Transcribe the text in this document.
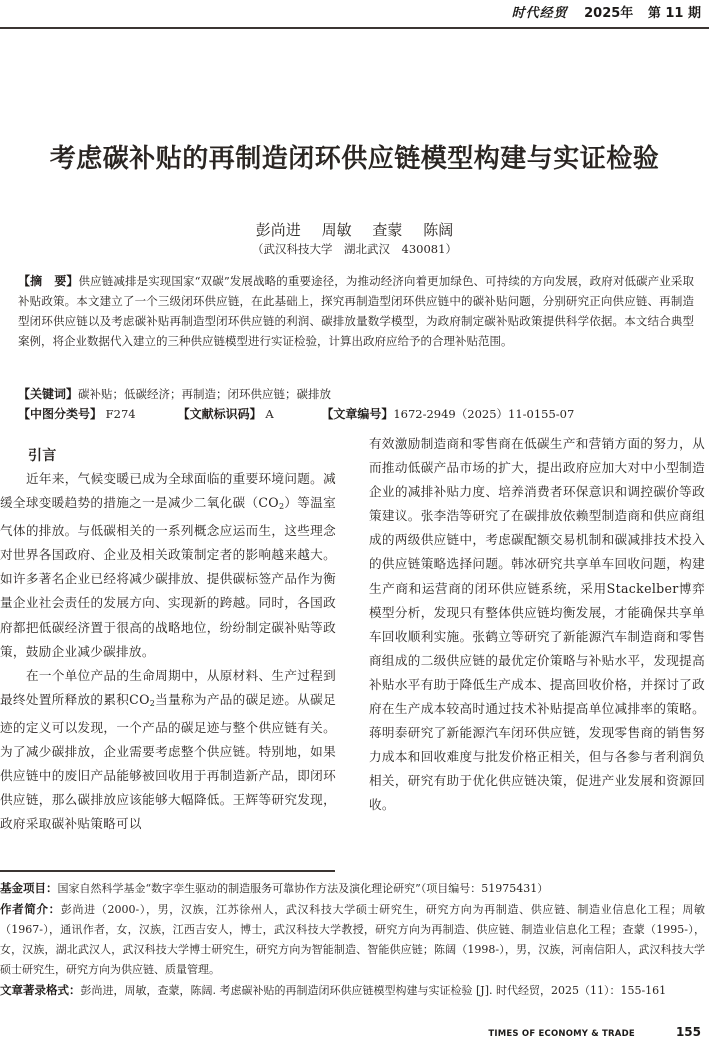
时代经贸 2025年 第 11 期
考虑碳补贴的再制造闭环供应链模型构建与实证检验
彭尚进 周敏 查蒙 陈阔
（武汉科技大学　湖北武汉　430081）
【摘　要】供应链减排是实现国家“双碳”发展战略的重要途径，为推动经济向着更加绿色、可持续的方向发展，政府对低碳产业采取补贴政策。本文建立了一个三级闭环供应链，在此基础上，探究再制造型闭环供应链中的碳补贴问题，分别研究正向供应链、再制造型闭环供应链以及考虑碳补贴再制造型闭环供应链的利润、碳排放量数学模型，为政府制定碳补贴政策提供科学依据。本文结合典型案例，将企业数据代入建立的三种供应链模型进行实证检验，计算出政府应给予的合理补贴范围。
【关键词】碳补贴；低碳经济；再制造；闭环供应链；碳排放
【中图分类号】 F274	【文献标识码】 A	【文章编号】1672-2949（2025）11-0155-07
引言

近年来，气候变暖已成为全球面临的重要环境问题。减缓全球变暖趋势的措施之一是减少二氧化碳$(CO_2)$等温室气体的排放。与低碳相关的一系列概念应运而生，这些理念对世界各国政府、企业及相关政策制定者的影响越来越大。如许多著名企业已经将减少碳排放、提供碳标签产品作为衡量企业社会责任的发展方向、实现新的跨越。同时，各国政府都把低碳经济置于很高的战略地位，纷纷制定碳补贴等政策，鼓励企业减少碳排放。

在一个单位产品的生命周期中，从原材料、生产过程到最终处置所释放的累积$CO_2$当量称为产品的碳足迹。从碳足迹的定义可以发现，一个产品的碳足迹与整个供应链有关。为了减少碳排放，企业需要考虑整个供应链。特别地，如果供应链中的废旧产品能够被回收用于再制造新产品，即闭环供应链，那么碳排放应该能够大幅降低。王辉等研究发现，政府采取碳补贴策略可以

有效激励制造商和零售商在低碳生产和营销方面的努力，从而推动低碳产品市场的扩大，提出政府应加大对中小型制造企业的减排补贴力度、培养消费者环保意识和调控碳价等政策建议。张李浩等研究了在碳排放依赖型制造商和供应商组成的两级供应链中，考虑碳配额交易机制和碳减排技术投入的供应链策略选择问题。韩冰研究共享单车回收问题，构建生产商和运营商的闭环供应链系统，采用Stackelber博弈模型分析，发现只有整体供应链均衡发展，才能确保共享单车回收顺利实施。张鹤立等研究了新能源汽车制造商和零售商组成的二级供应链的最优定价策略与补贴水平，发现提高补贴水平有助于降低生产成本、提高回收价格，并探讨了政府在生产成本较高时通过技术补贴提高单位减排率的策略。蒋明泰研究了新能源汽车闭环供应链，发现零售商的销售努力成本和回收难度与批发价格正相关，但与各参与者利润负相关，研究有助于优化供应链决策，促进产业发展和资源回收。

基金项目：国家自然科学基金“数字孪生驱动的制造服务可靠协作方法及演化理论研究”（项目编号：51975431）
作者简介：彭尚进（2000-），男，汉族，江苏徐州人，武汉科技大学硕士研究生，研究方向为再制造、供应链、制造业信息化工程；周敏（1967-），通讯作者，女，汉族，江西吉安人，博士，武汉科技大学教授，研究方向为再制造、供应链、制造业信息化工程；查蒙（1995-），女，汉族，湖北武汉人，武汉科技大学博士研究生，研究方向为智能制造、智能供应链；陈阔（1998-），男，汉族，河南信阳人，武汉科技大学硕士研究生，研究方向为供应链、质量管理。
文章著录格式：彭尚进，周敏，查蒙，陈阔. 考虑碳补贴的再制造闭环供应链模型构建与实证检验 [J]. 时代经贸，2025（11）：155-161
TIMES OF ECONOMY & TRADE	155
